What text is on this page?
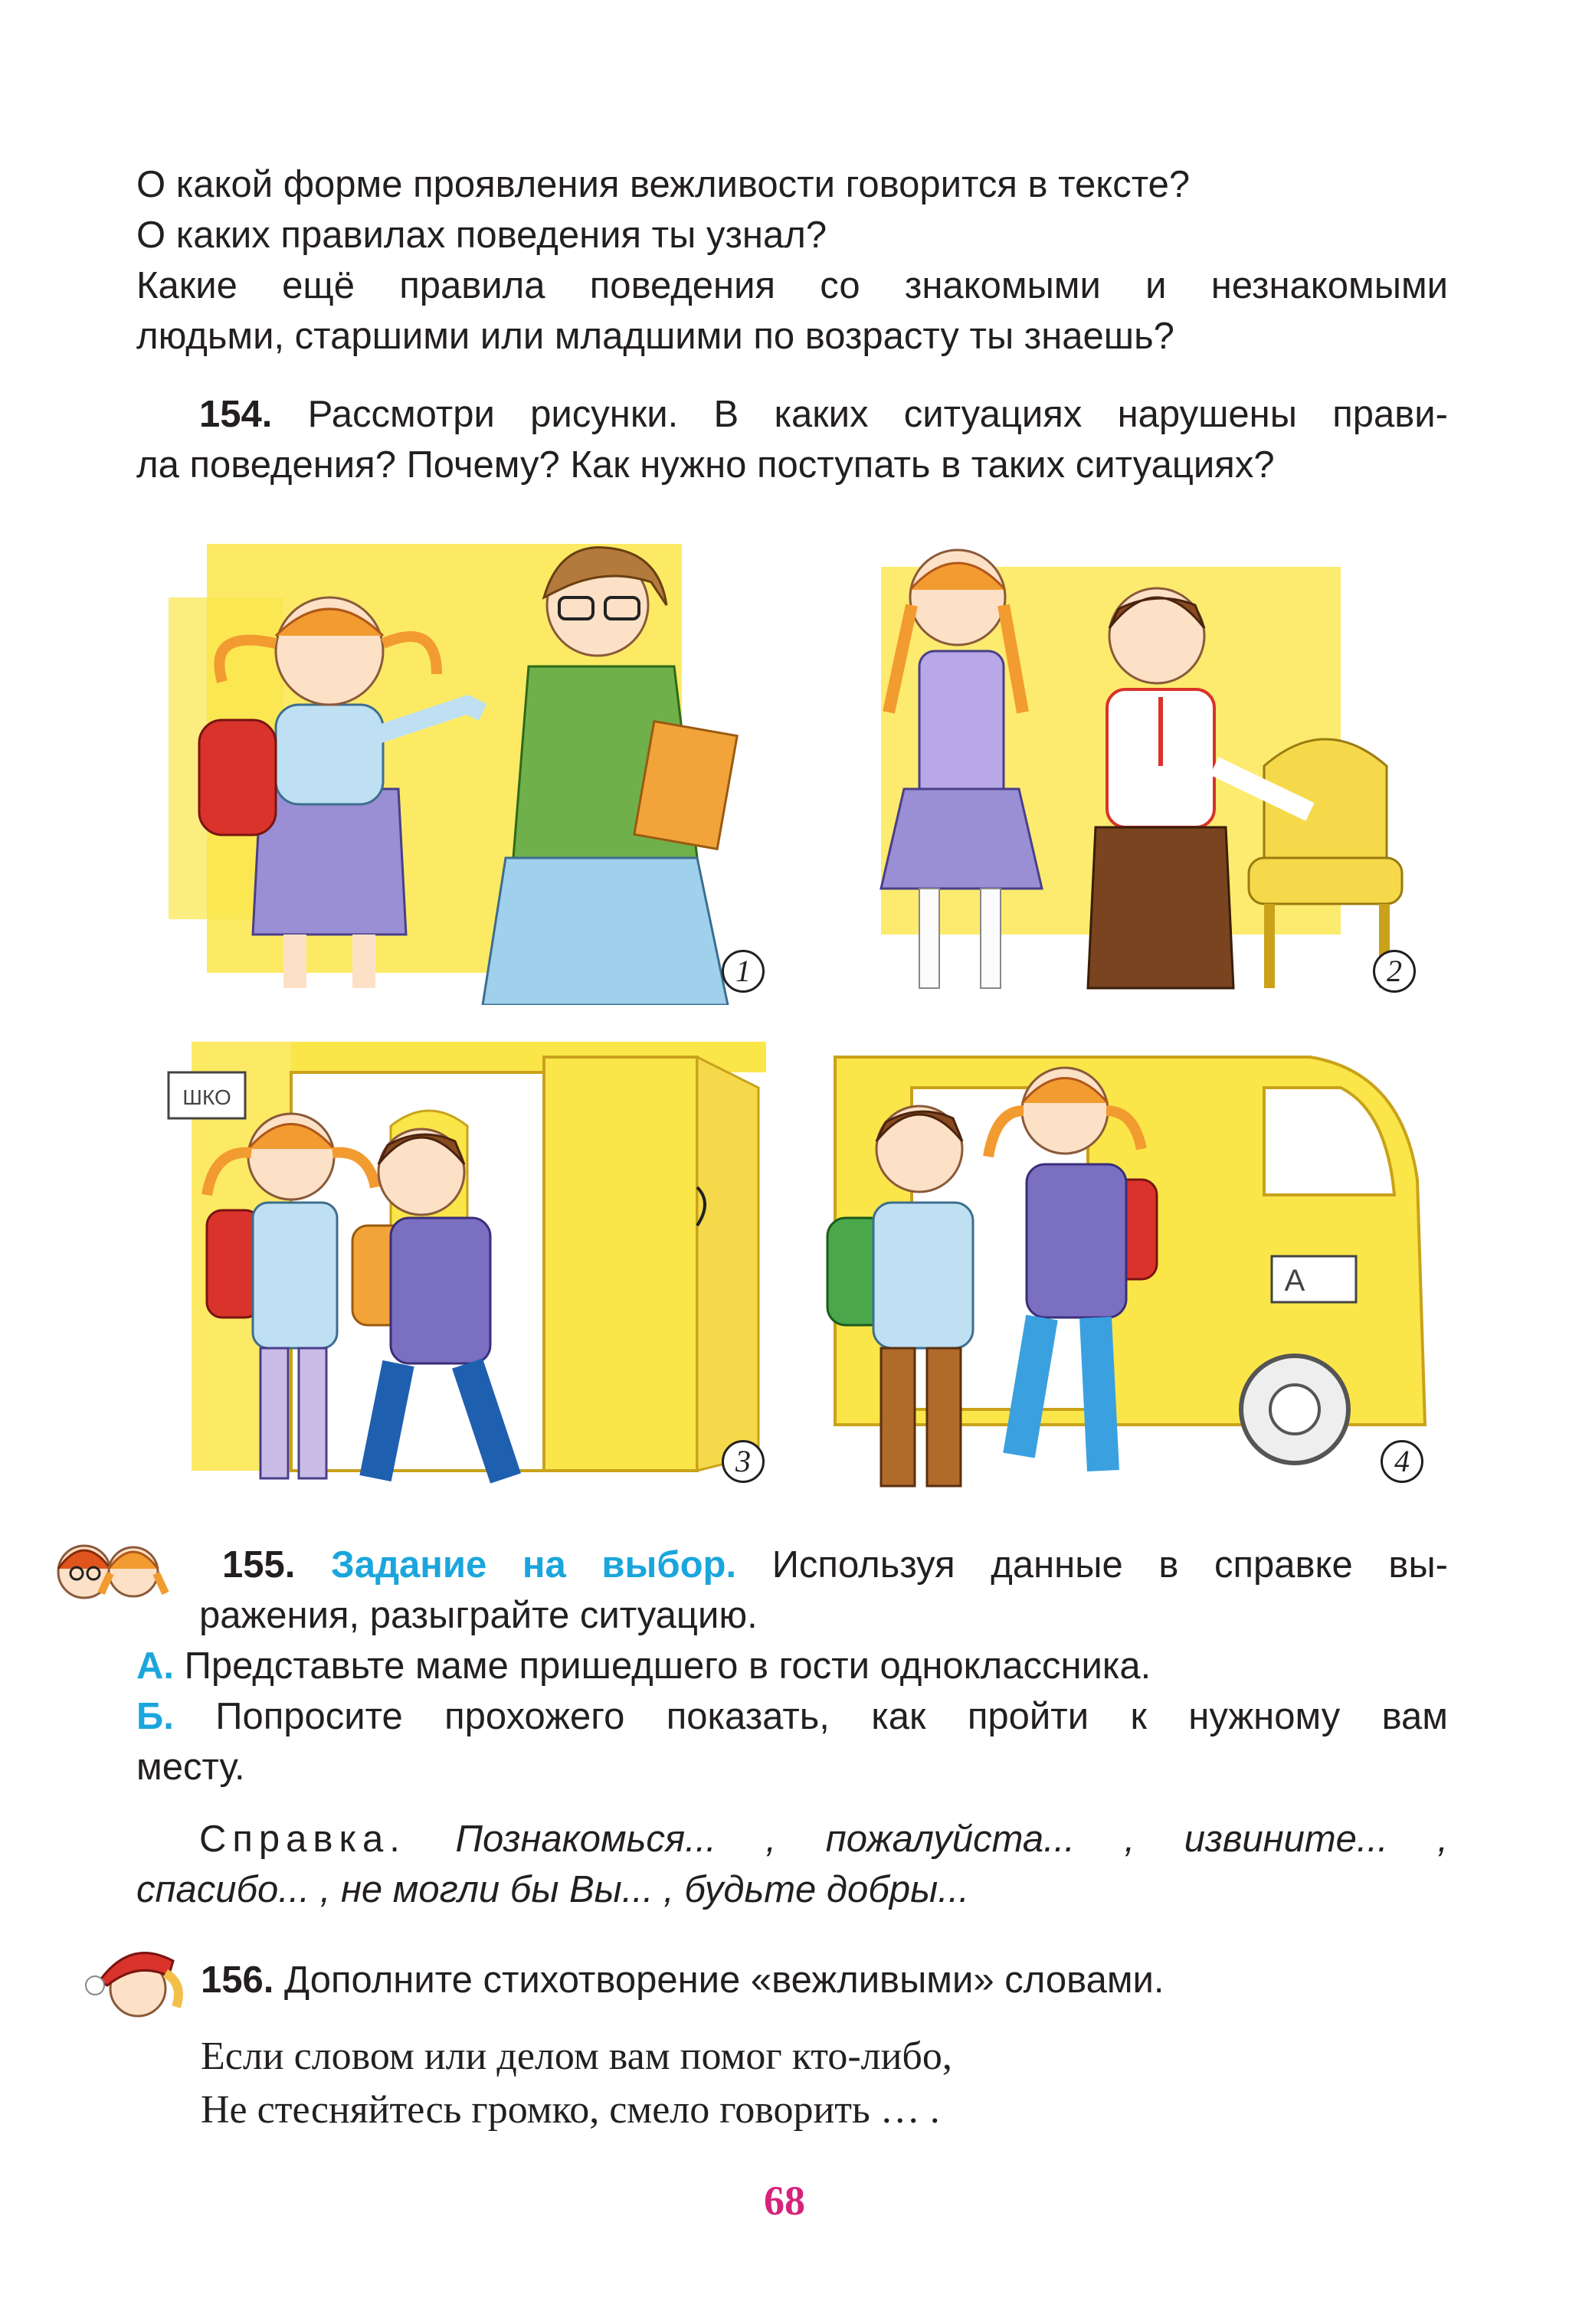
О какой форме проявления вежливости говорится в тексте?
О каких правилах поведения ты узнал?
Какие ещё правила поведения со знакомыми и незнакомыми
людьми, старшими или младшими по возрасту ты знаешь?
154. Рассмотри рисунки. В каких ситуациях нарушены прави-
ла поведения? Почему? Как нужно поступать в таких ситуациях?
1	2
ШКО
3
А
4
155. Задание на выбор. Используя данные в справке вы-
ражения, разыграйте ситуацию.
А. Представьте маме пришедшего в гости одноклассника.
Б. Попросите прохожего показать, как пройти к нужному вам
месту.
Справка. Познакомься... , пожалуйста... , извините... ,
спасибо... , не могли бы Вы... , будьте добры...
156. Дополните стихотворение «вежливыми» словами.
Если словом или делом вам помог кто-либо,
Не стесняйтесь громко, смело говорить … .
68
